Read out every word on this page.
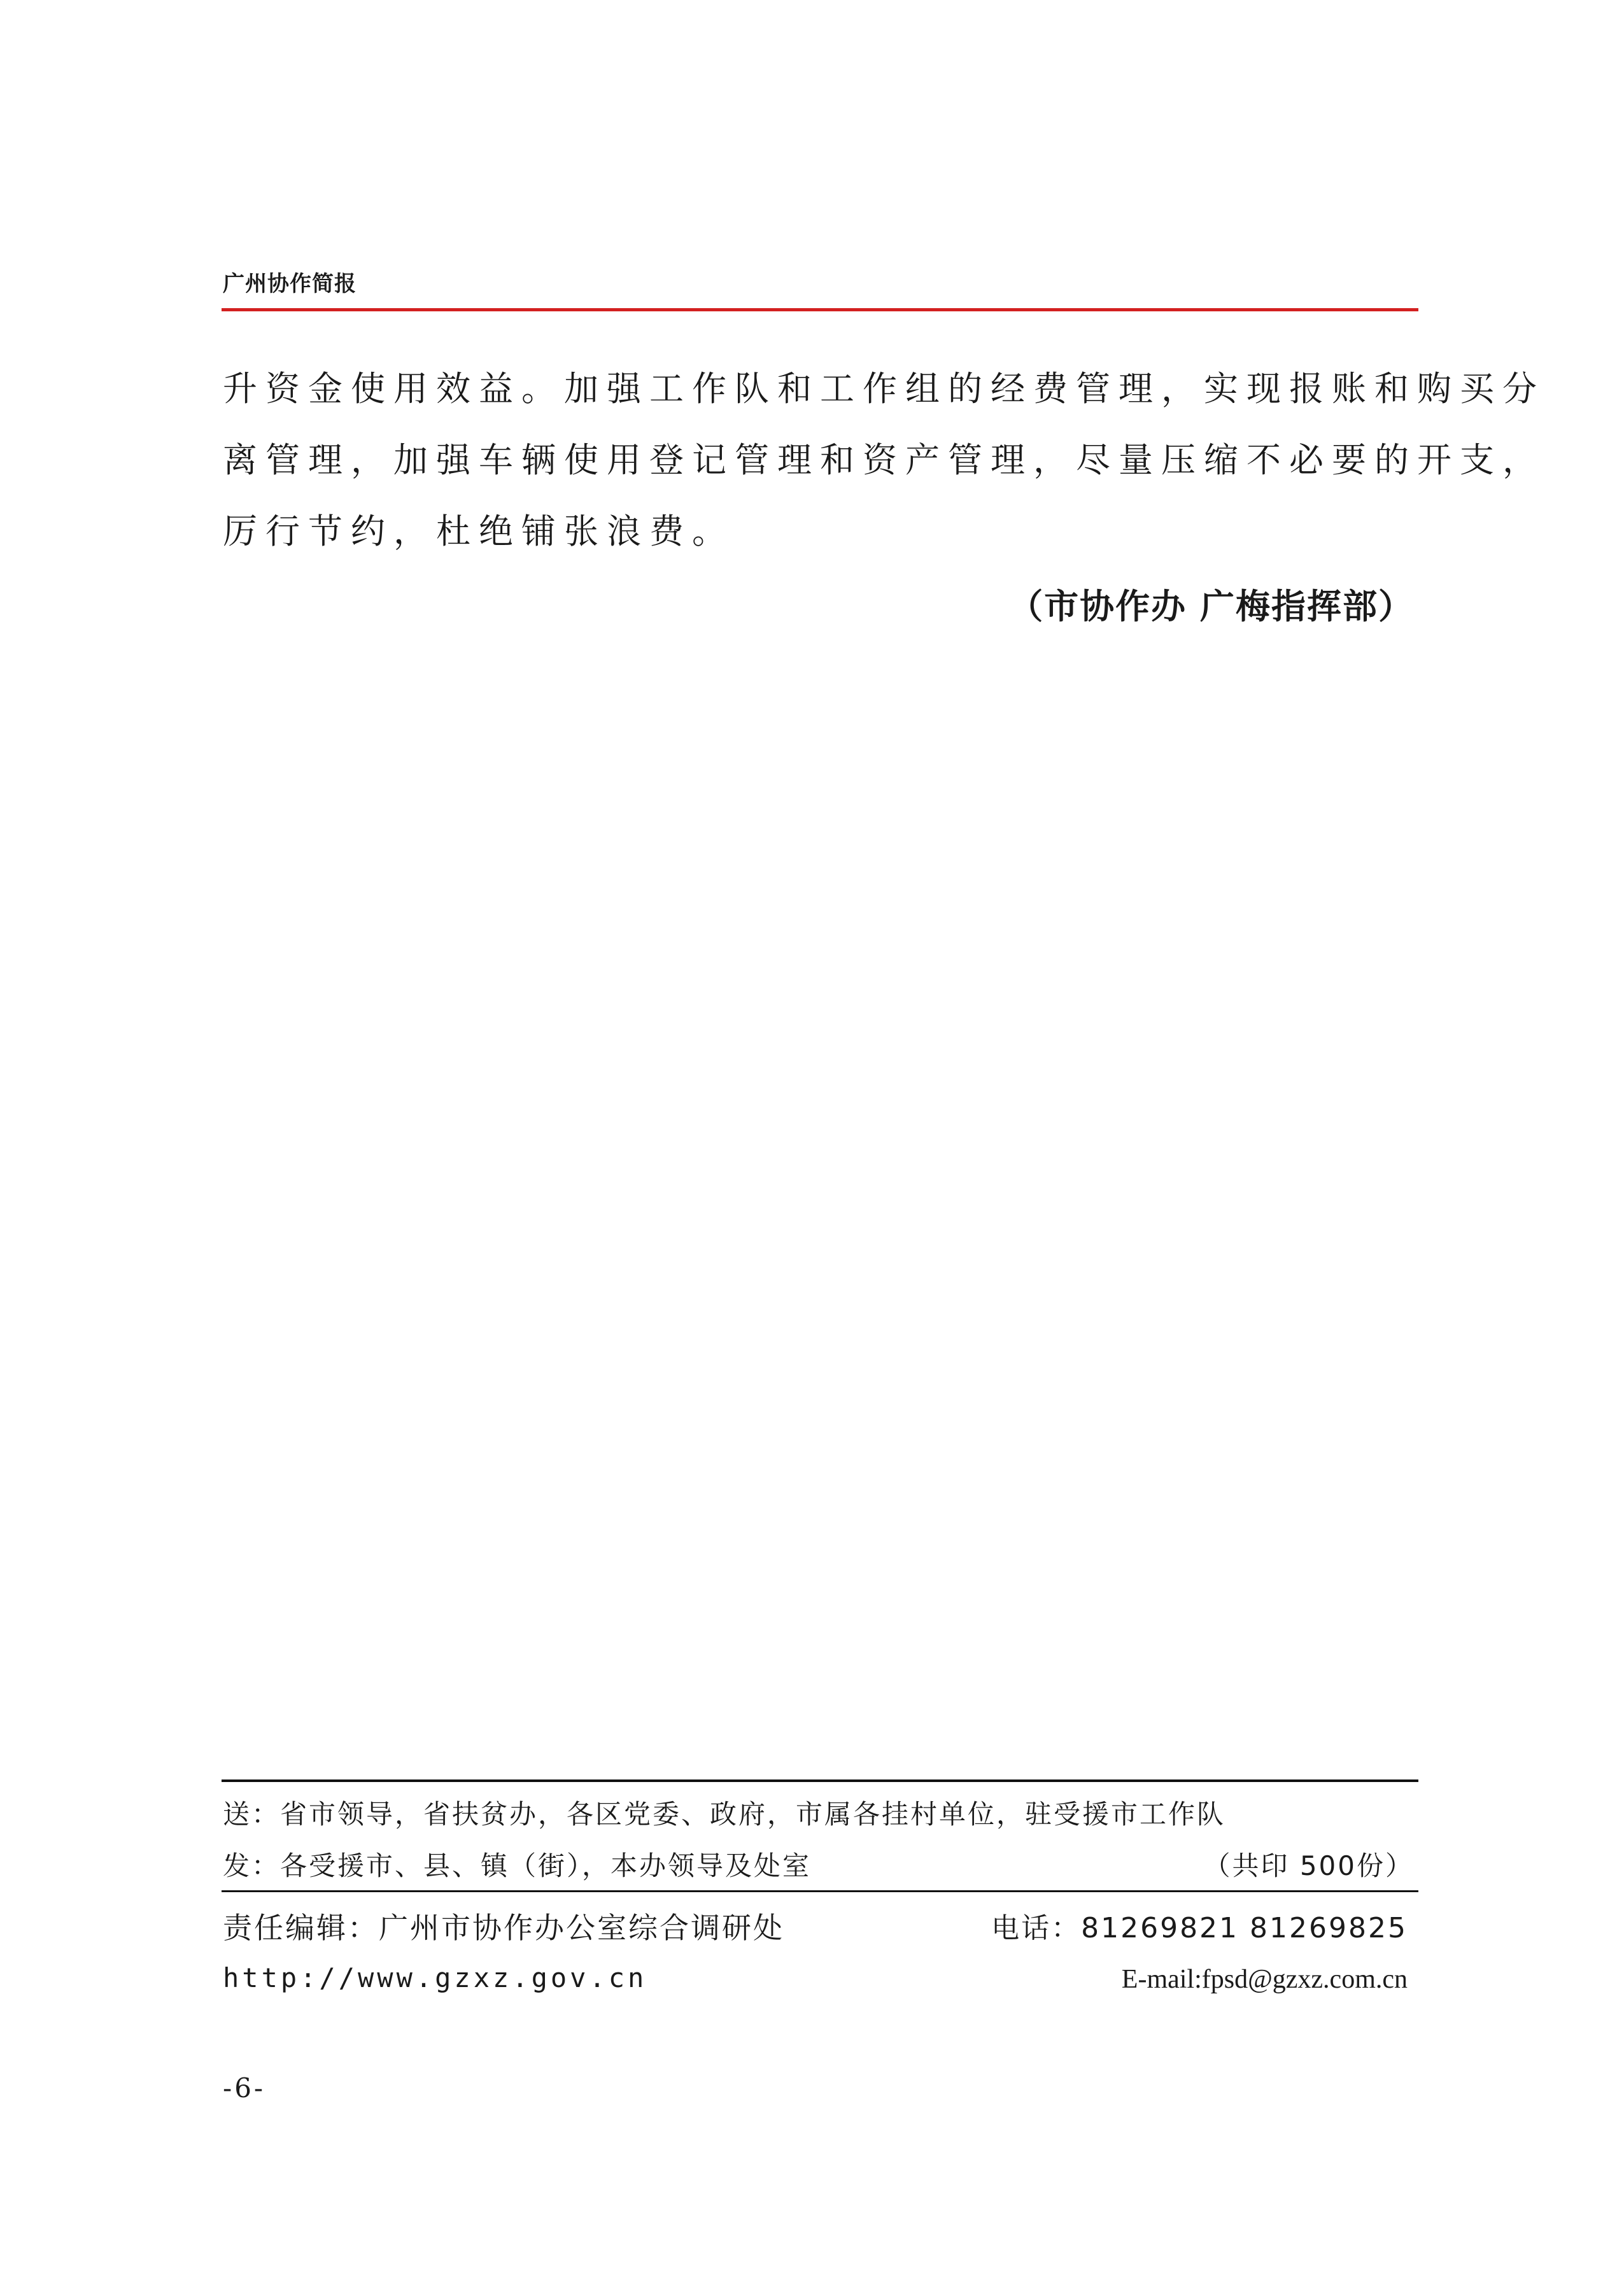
广州协作简报
升资金使用效益。加强工作队和工作组的经费管理，实现报账和购买分
离管理，加强车辆使用登记管理和资产管理，尽量压缩不必要的开支，
厉行节约，杜绝铺张浪费。
（市协作办 广梅指挥部）
送：省市领导，省扶贫办，各区党委、政府，市属各挂村单位，驻受援市工作队
发：各受援市、县、镇（街），本办领导及处室	（共印 500份）
责任编辑：广州市协作办公室综合调研处	电话：81269821 81269825
http://www.gzxz.gov.cn	E-mail:fpsd@gzxz.com.cn
-6-
